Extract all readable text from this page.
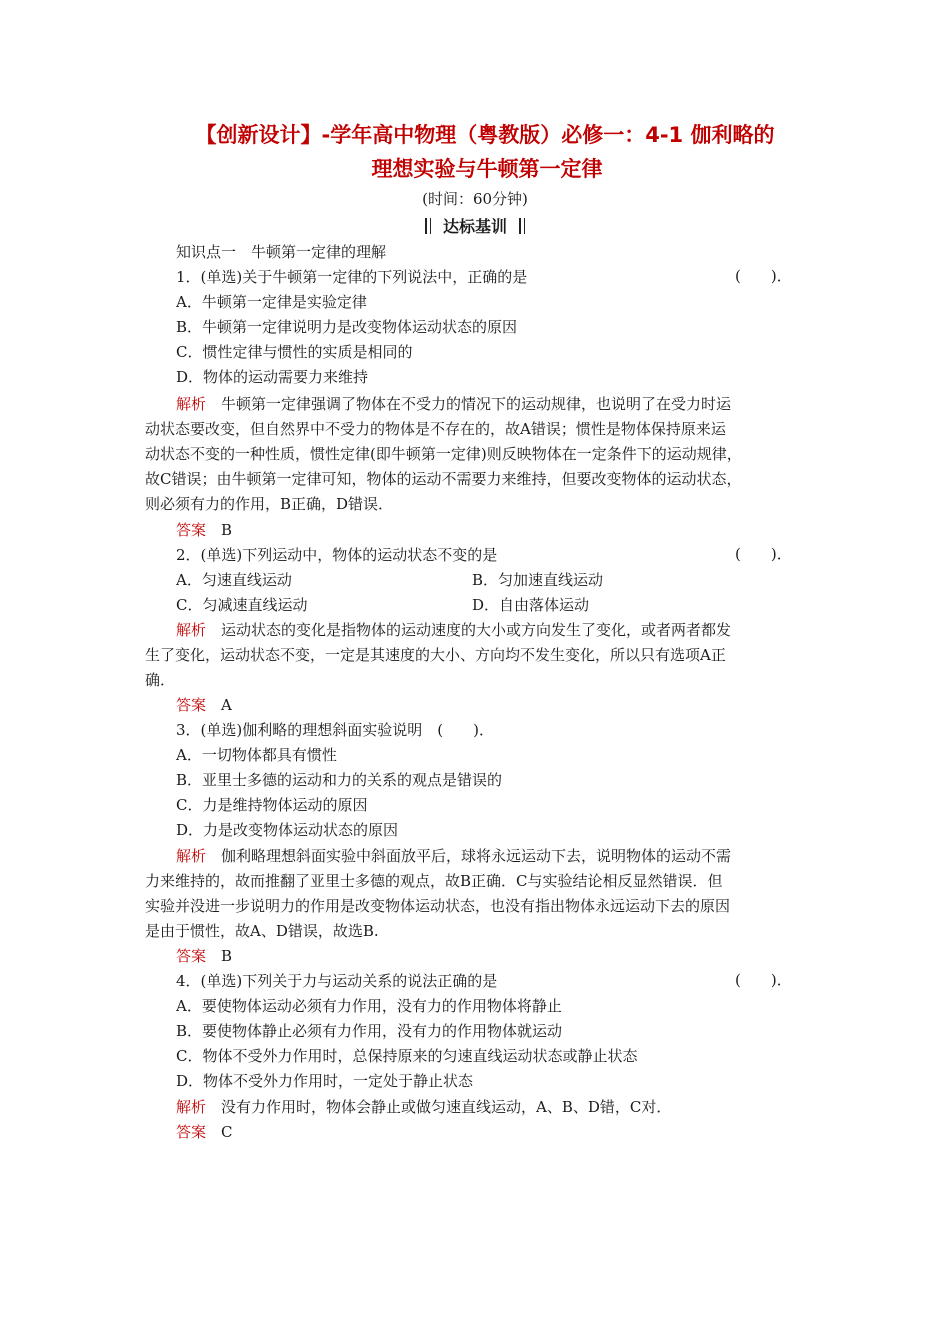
【创新设计】-学年高中物理（粤教版）必修一：4-1 伽利略的
理想实验与牛顿第一定律
(时间：60分钟)
达标基训
知识点一　牛顿第一定律的理解
1．(单选)关于牛顿第一定律的下列说法中，正确的是	(　　)．
A．牛顿第一定律是实验定律
B．牛顿第一定律说明力是改变物体运动状态的原因
C．惯性定律与惯性的实质是相同的
D．物体的运动需要力来维持
解析　牛顿第一定律强调了物体在不受力的情况下的运动规律，也说明了在受力时运
动状态要改变，但自然界中不受力的物体是不存在的，故A错误；惯性是物体保持原来运
动状态不变的一种性质，惯性定律(即牛顿第一定律)则反映物体在一定条件下的运动规律，
故C错误；由牛顿第一定律可知，物体的运动不需要力来维持，但要改变物体的运动状态，
则必须有力的作用，B正确，D错误．
答案　B
2．(单选)下列运动中，物体的运动状态不变的是	(　　)．
A．匀速直线运动	B．匀加速直线运动
C．匀减速直线运动	D．自由落体运动
解析　运动状态的变化是指物体的运动速度的大小或方向发生了变化，或者两者都发
生了变化，运动状态不变，一定是其速度的大小、方向均不发生变化，所以只有选项A正
确．
答案　A
3．(单选)伽利略的理想斜面实验说明　(　　)．
A．一切物体都具有惯性
B．亚里士多德的运动和力的关系的观点是错误的
C．力是维持物体运动的原因
D．力是改变物体运动状态的原因
解析　伽利略理想斜面实验中斜面放平后，球将永远运动下去，说明物体的运动不需
力来维持的，故而推翻了亚里士多德的观点，故B正确．C与实验结论相反显然错误．但
实验并没进一步说明力的作用是改变物体运动状态，也没有指出物体永远运动下去的原因
是由于惯性，故A、D错误，故选B.
答案　B
4．(单选)下列关于力与运动关系的说法正确的是	(　　)．
A．要使物体运动必须有力作用，没有力的作用物体将静止
B．要使物体静止必须有力作用，没有力的作用物体就运动
C．物体不受外力作用时，总保持原来的匀速直线运动状态或静止状态
D．物体不受外力作用时，一定处于静止状态
解析　没有力作用时，物体会静止或做匀速直线运动，A、B、D错，C对．
答案　C
